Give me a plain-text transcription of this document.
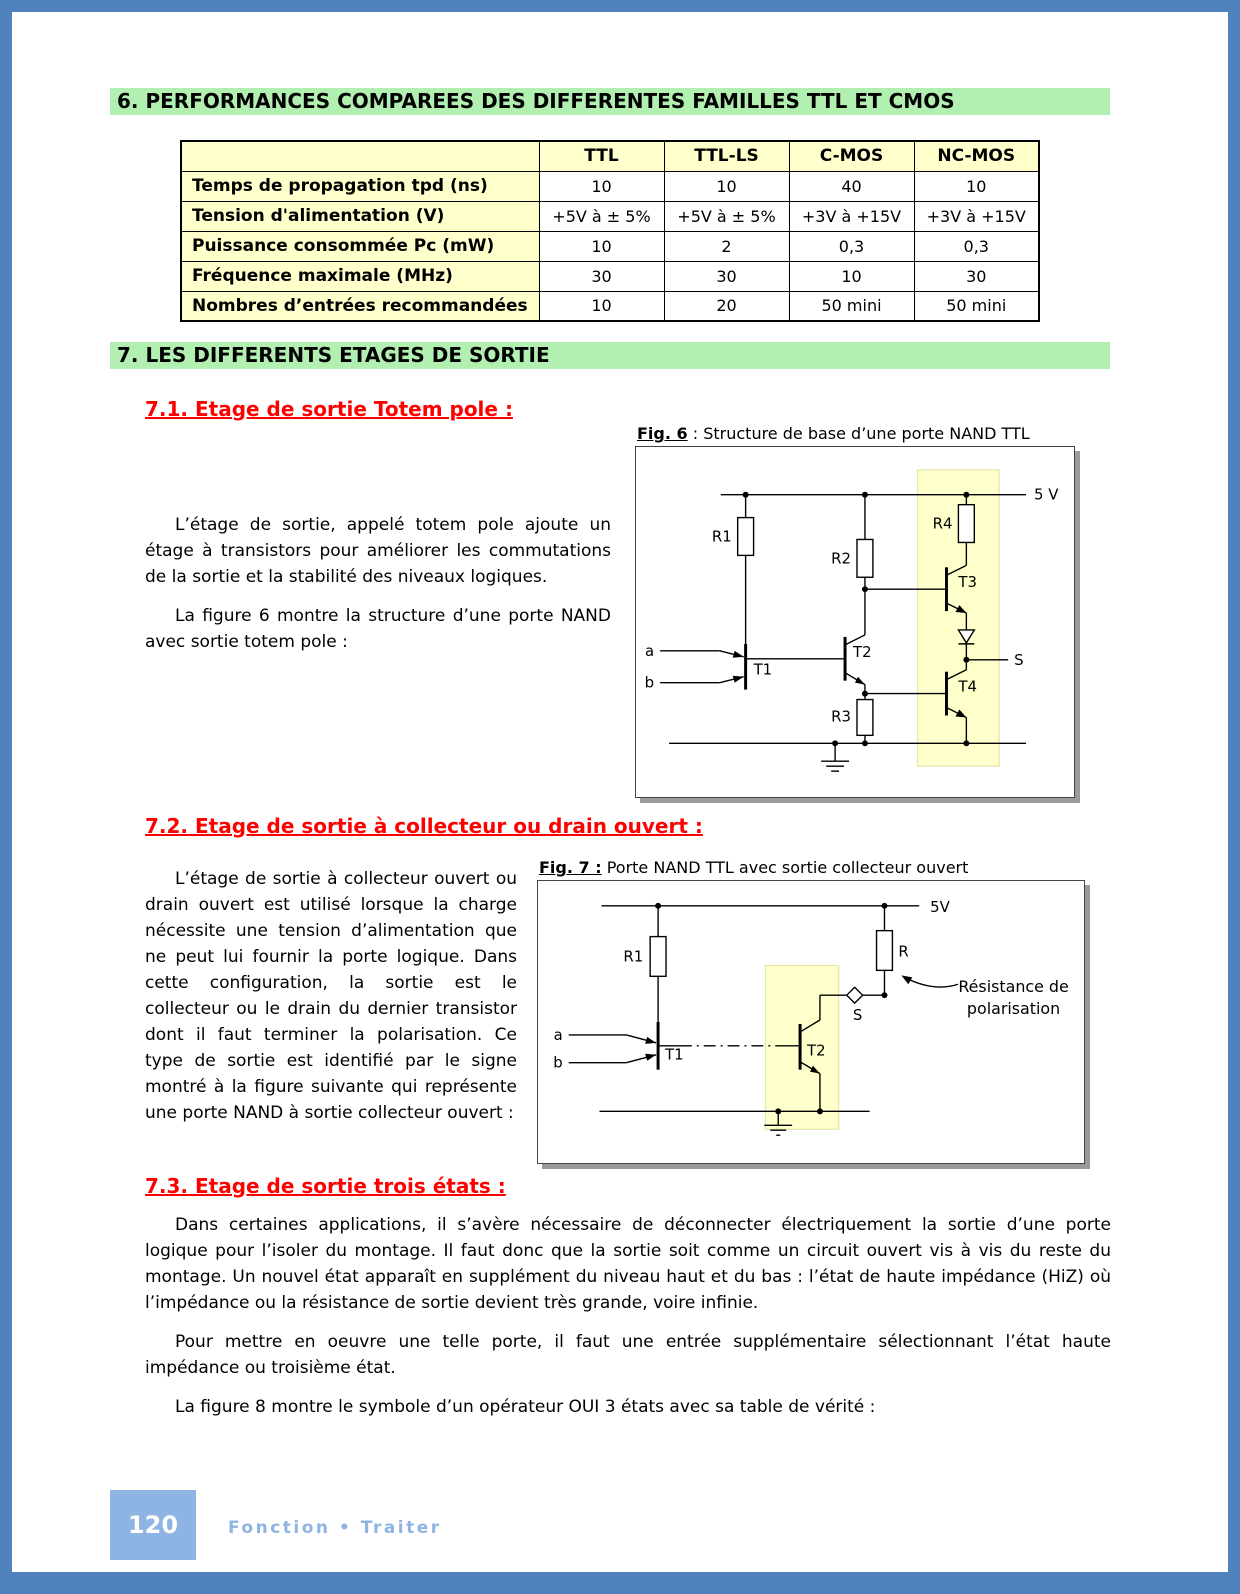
6. PERFORMANCES COMPAREES DES DIFFERENTES FAMILLES TTL ET CMOS
	TTL	TTL-LS	C-MOS	NC-MOS
Temps de propagation tpd (ns)	10	10	40	10
Tension d'alimentation (V)	+5V à ± 5%	+5V à ± 5%	+3V à +15V	+3V à +15V
Puissance consommée Pc (mW)	10	2	0,3	0,3
Fréquence maximale (MHz)	30	30	10	30
Nombres d’entrées recommandées	10	20	50 mini	50 mini
7. LES DIFFERENTS ETAGES DE SORTIE
7.1. Etage de sortie Totem pole :
Fig. 6 : Structure de base d’une porte NAND TTL
5 V
R1
R2
R3
R4
T1
T2
T3
T4
a
b
S

L’étage de sortie, appelé totem pole ajoute un étage à transistors pour améliorer les commutations de la sortie et la stabilité des niveaux logiques.

La figure 6 montre la structure d’une porte NAND avec sortie totem pole :

7.2. Etage de sortie à collecteur ou drain ouvert :
Fig. 7 : Porte NAND TTL avec sortie collecteur ouvert
5V
R1	R
T1	T2
a
b
S
Résistance de
polarisation

L’étage de sortie à collecteur ouvert ou drain ouvert est utilisé lorsque la charge nécessite une tension d’alimentation que ne peut lui fournir la porte logique. Dans cette configuration, la sortie est le collecteur ou le drain du dernier transistor dont il faut terminer la polarisation. Ce type de sortie est identifié par le signe montré à la figure suivante qui représente une porte NAND à sortie collecteur ouvert :

7.3. Etage de sortie trois états :

Dans certaines applications, il s’avère nécessaire de déconnecter électriquement la sortie d’une porte logique pour l’isoler du montage. Il faut donc que la sortie soit comme un circuit ouvert vis à vis du reste du montage. Un nouvel état apparaît en supplément du niveau haut et du bas : l’état de haute impédance (HiZ) où l’impédance ou la résistance de sortie devient très grande, voire infinie.

Pour mettre en oeuvre une telle porte, il faut une entrée supplémentaire sélectionnant l’état haute impédance ou troisième état.

La figure 8 montre le symbole d’un opérateur OUI 3 états avec sa table de vérité :

120	Fonction • Traiter
